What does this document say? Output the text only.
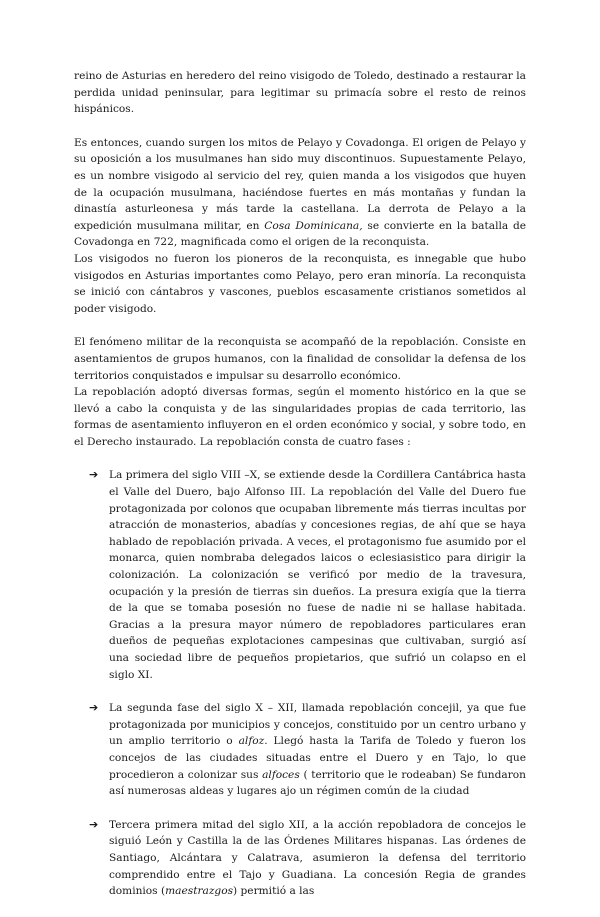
reino de Asturias en heredero del reino visigodo de Toledo, destinado a restaurar la perdida unidad peninsular, para legitimar su primacía sobre el resto de reinos hispánicos.

Es entonces, cuando surgen los mitos de Pelayo y Covadonga. El origen de Pelayo y su oposición a los musulmanes han sido muy discontinuos. Supuestamente Pelayo, es un nombre visigodo al servicio del rey, quien manda a los visigodos que huyen de la ocupación musulmana, haciéndose fuertes en más montañas y fundan la dinastía asturleonesa y más tarde la castellana. La derrota de Pelayo a la expedición musulmana militar, en Cosa Dominicana, se convierte en la batalla de Covadonga en 722, magnificada como el origen de la reconquista.

Los visigodos no fueron los pioneros de la reconquista, es innegable que hubo visigodos en Asturias importantes como Pelayo, pero eran minoría. La reconquista se inició con cántabros y vascones, pueblos escasamente cristianos sometidos al poder visigodo.

El fenómeno militar de la reconquista se acompañó de la repoblación. Consiste en asentamientos de grupos humanos, con la finalidad de consolidar la defensa de los territorios conquistados e impulsar su desarrollo económico.

La repoblación adoptó diversas formas, según el momento histórico en la que se llevó a cabo la conquista y de las singularidades propias de cada territorio, las formas de asentamiento influyeron en el orden económico y social, y sobre todo, en el Derecho instaurado. La repoblación consta de cuatro fases :

➔ La primera del siglo VIII –X, se extiende desde la Cordillera Cantábrica hasta el Valle del Duero, bajo Alfonso III. La repoblación del Valle del Duero fue protagonizada por colonos que ocupaban libremente más tierras incultas por atracción de monasterios, abadías y concesiones regias, de ahí que se haya hablado de repoblación privada. A veces, el protagonismo fue asumido por el monarca, quien nombraba delegados laicos o eclesiasistico para dirigir la colonización. La colonización se verificó por medio de la travesura, ocupación y la presión de tierras sin dueños. La presura exigía que la tierra de la que se tomaba posesión no fuese de nadie ni se hallase habitada. Gracias a la presura mayor número de repobladores particulares eran dueños de pequeñas explotaciones campesinas que cultivaban, surgió así una sociedad libre de pequeños propietarios, que sufrió un colapso en el siglo XI.

➔ La segunda fase del siglo X – XII, llamada repoblación concejil, ya que fue protagonizada por municipios y concejos, constituido por un centro urbano y un amplio territorio o alfoz. Llegó hasta la Tarifa de Toledo y fueron los concejos de las ciudades situadas entre el Duero y en Tajo, lo que procedieron a colonizar sus alfoces ( territorio que le rodeaban) Se fundaron así numerosas aldeas y lugares ajo un régimen común de la ciudad

➔ Tercera primera mitad del siglo XII, a la acción repobladora de concejos le siguió León y Castilla la de las Órdenes Militares hispanas. Las órdenes de Santiago, Alcántara y Calatrava, asumieron la defensa del territorio comprendido entre el Tajo y Guadiana. La concesión Regia de grandes dominios (maestrazgos) permitió a las
